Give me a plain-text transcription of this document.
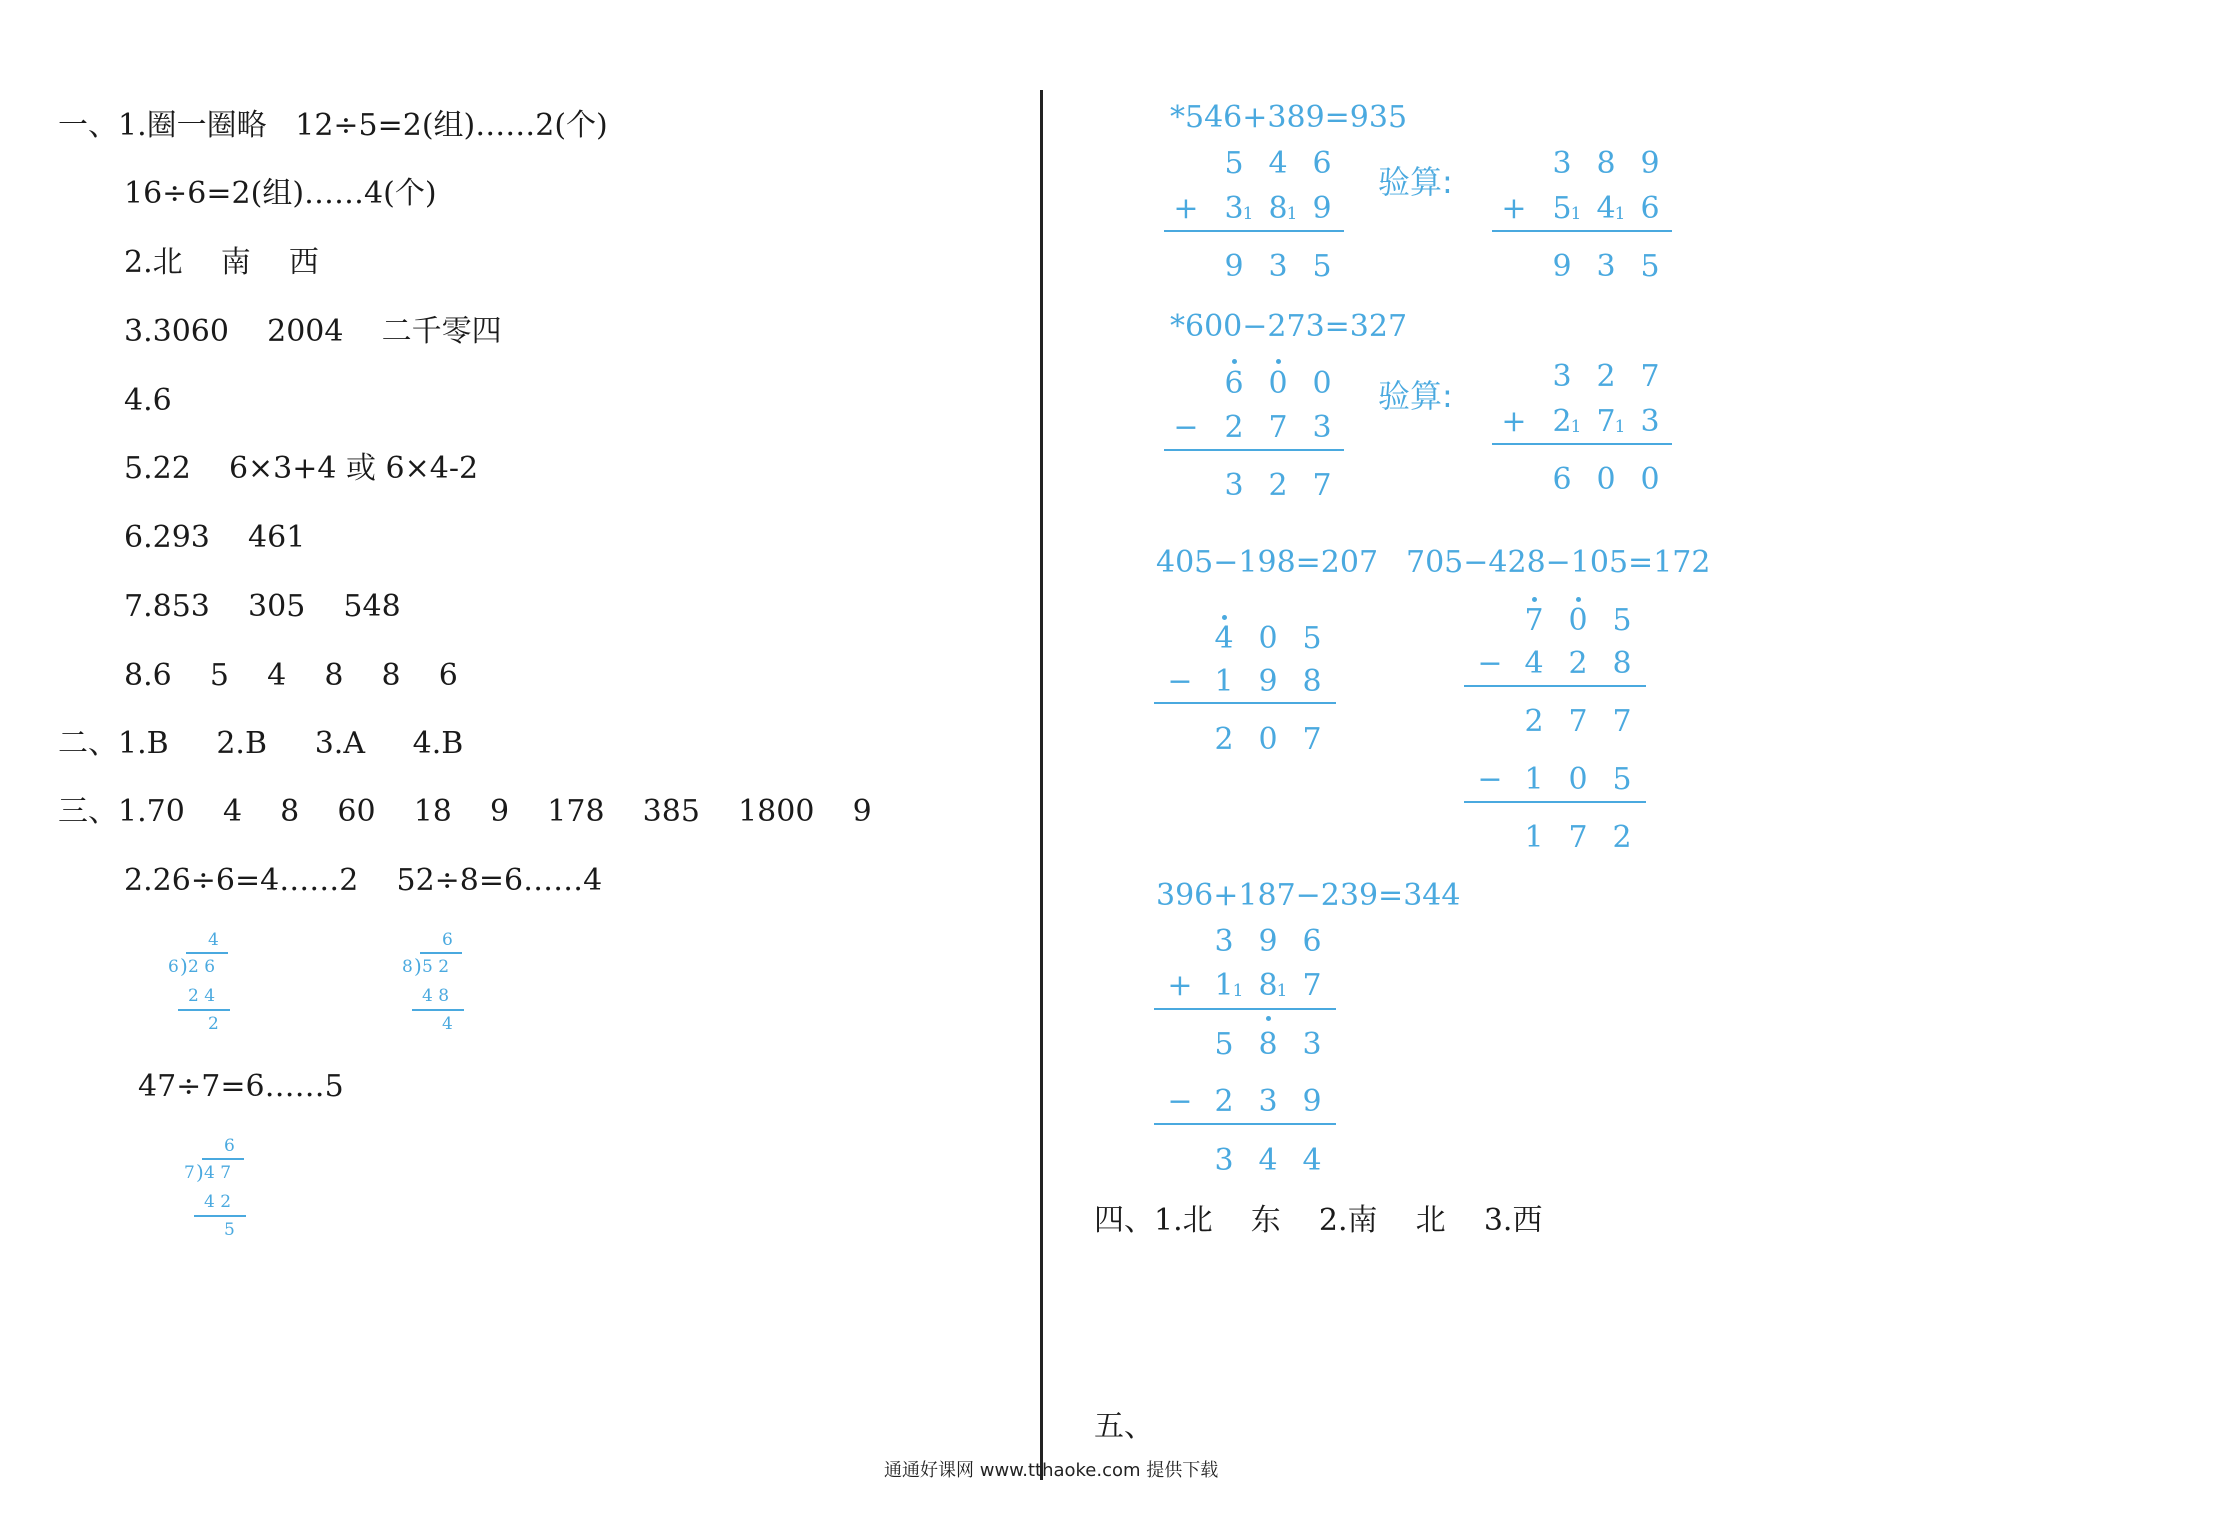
一、1.圈一圈略   12÷5=2(组)……2(个)
16÷6=2(组)……4(个)
2.北    南    西
3.3060    2004    二千零四
4.6
5.22    6×3+4 或 6×4-2
6.293    461
7.853    305    548
8.6    5    4    8    8    6
二、1.B     2.B     3.A     4.B
三、1.70    4    8    60    18    9    178    385    1800    9
2.26÷6=4……2    52÷8=6……4
47÷7=6……5
4
6 ) 2 6
2 4
2
6
8 ) 5 2
4 8
4
6
7 ) 4 7
4 2
5
*546+389=935
5 4 6
+ 3 1 8 1 9
9 3 5
验算:	3 8 9
+ 5 1 4 1 6
9 3 5
*600−273=327
6 0 0
− 2 7 3
3 2 7
验算:
3 2 7
+ 2 1 7 1 3
6 0 0
405−198=207 705−428−105=172
4 0 5
− 1 9 8
2 0 7
7 0 5
− 4 2 8
2 7 7
− 1 0 5
1 7 2
396+187−239=344
3 9 6
+ 1 1 8 1 7
5 8 3
− 2 3 9
3 4 4
四、1.北    东    2.南    北    3.西
五、
通通好课网 www.tthaoke.com 提供下载
